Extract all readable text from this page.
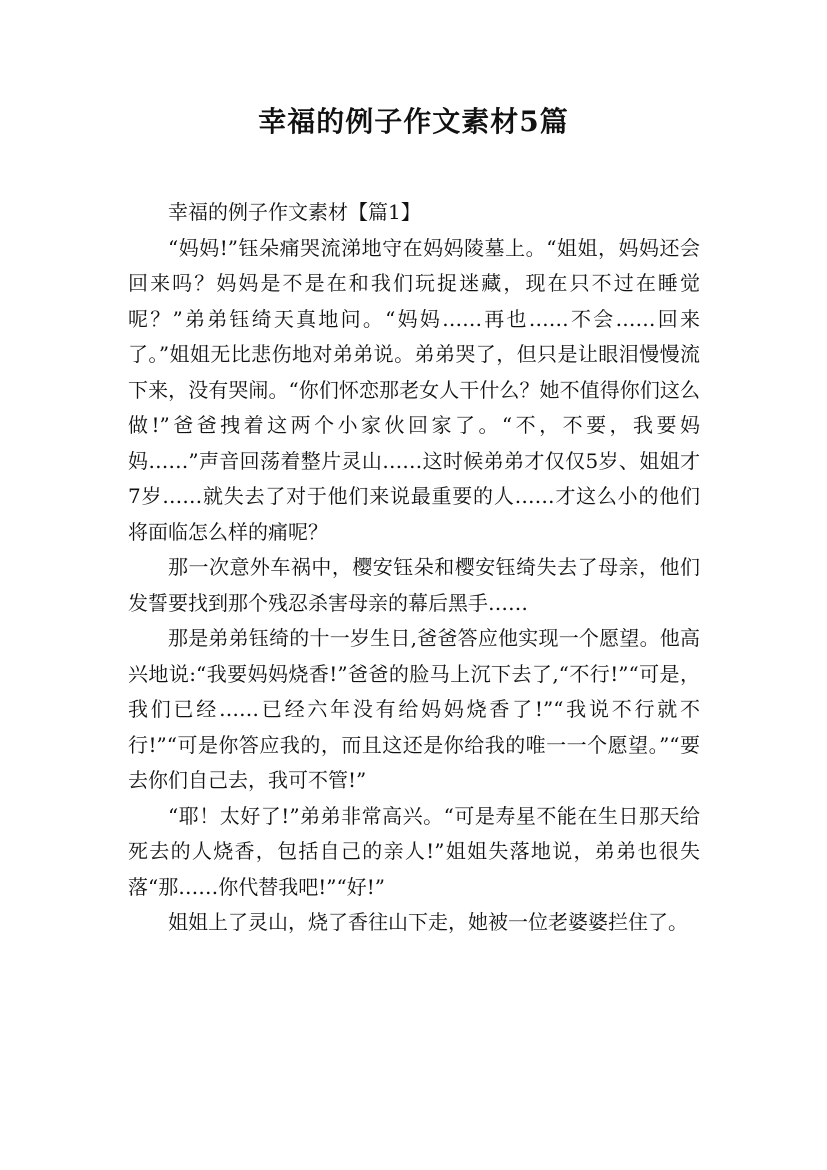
幸福的例子作文素材5篇

幸福的例子作文素材【篇1】

“妈妈!”钰朵痛哭流涕地守在妈妈陵墓上。“姐姐，妈妈还会回来吗？妈妈是不是在和我们玩捉迷藏，现在只不过在睡觉呢？”弟弟钰绮天真地问。“妈妈……再也……不会……回来了。”姐姐无比悲伤地对弟弟说。弟弟哭了，但只是让眼泪慢慢流下来，没有哭闹。“你们怀恋那老女人干什么？她不值得你们这么做!”爸爸拽着这两个小家伙回家了。“不，不要，我要妈妈……”声音回荡着整片灵山……这时候弟弟才仅仅5岁、姐姐才7岁……就失去了对于他们来说最重要的人……才这么小的他们将面临怎么样的痛呢？

那一次意外车祸中，樱安钰朵和樱安钰绮失去了母亲，他们发誓要找到那个残忍杀害母亲的幕后黑手……

那是弟弟钰绮的十一岁生日,爸爸答应他实现一个愿望。他高兴地说:“我要妈妈烧香!”爸爸的脸马上沉下去了,“不行!”“可是，我们已经……已经六年没有给妈妈烧香了!”“我说不行就不行!”“可是你答应我的，而且这还是你给我的唯一一个愿望。”“要去你们自己去，我可不管!”

“耶！太好了!”弟弟非常高兴。“可是寿星不能在生日那天给死去的人烧香，包括自己的亲人!”姐姐失落地说，弟弟也很失落“那……你代替我吧!”“好!”

姐姐上了灵山，烧了香往山下走，她被一位老婆婆拦住了。
